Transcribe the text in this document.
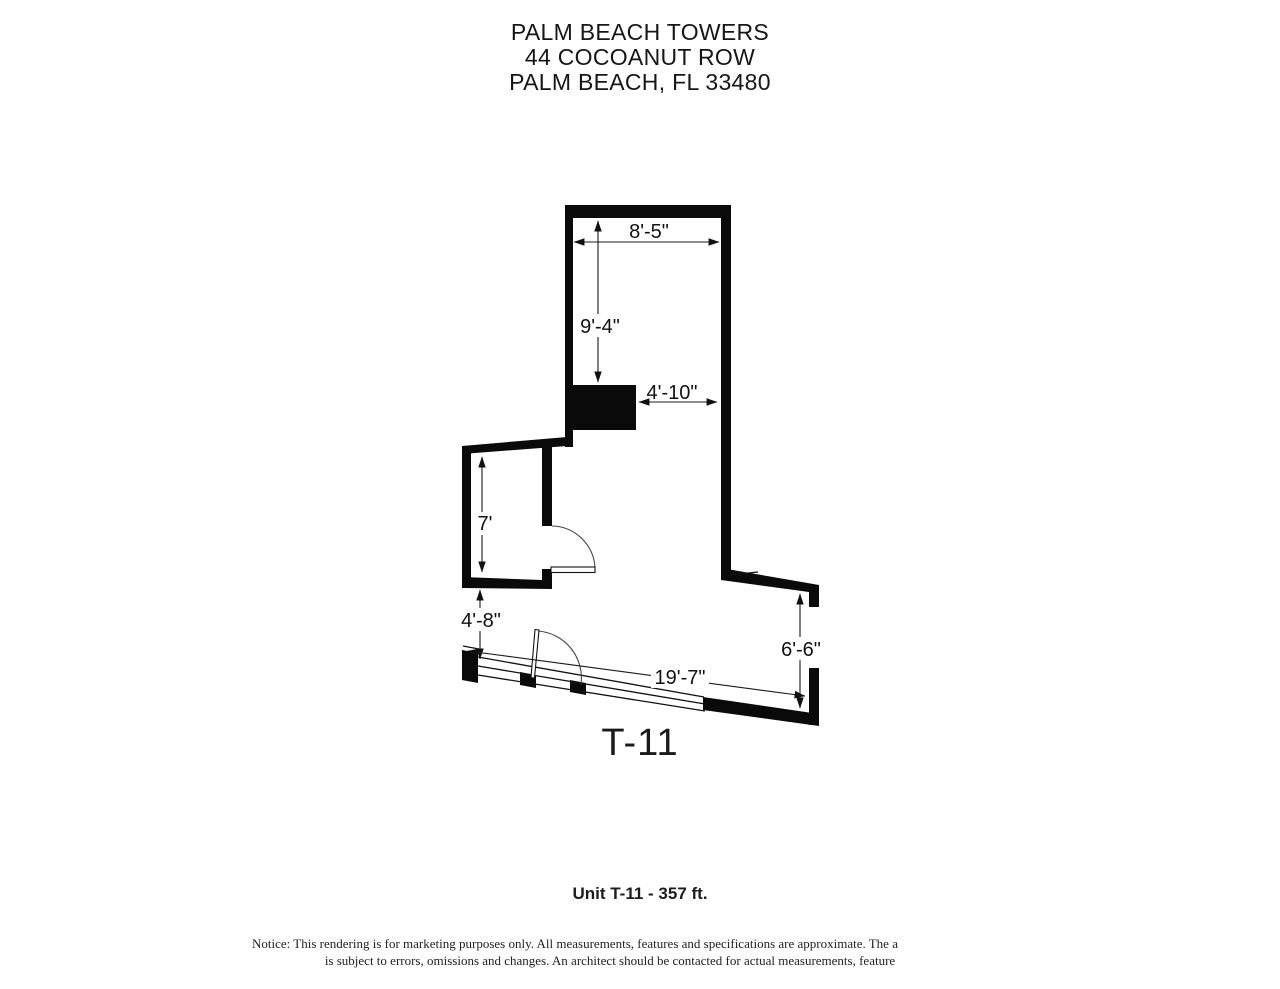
PALM BEACH TOWERS
44 COCOANUT ROW
PALM BEACH, FL 33480
8'-5"
9'-4"
4'-10"
7'
4'-8"
19'-7"
6'-6"
T-11
Unit T-11 - 357 ft.
Notice: This rendering is for marketing purposes only. All measurements, features and specifications are approximate. The a
is subject to errors, omissions and changes. An architect should be contacted for actual measurements, feature
